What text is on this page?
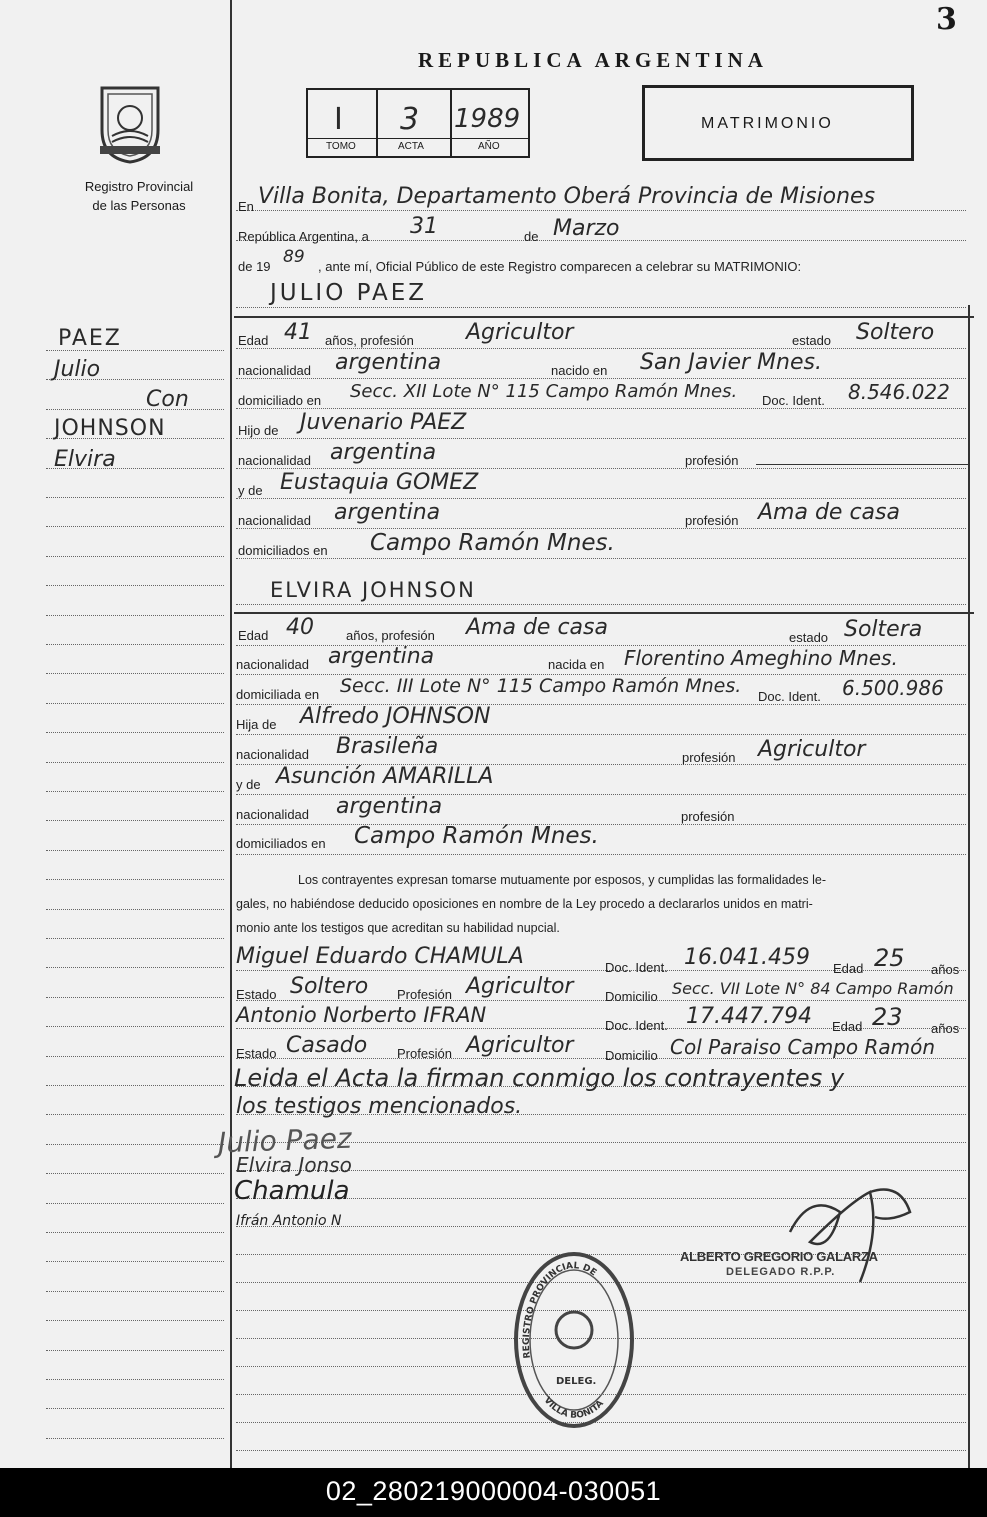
3
REPUBLICA ARGENTINA
I 3 1989
TOMO	ACTA	AÑO
MATRIMONIO
Registro Provincial
de las Personas
PAEZ
Julio
Con
JOHNSON
Elvira
En Villa Bonita, Departamento Oberá Provincia de Misiones
República Argentina, a 31	de Marzo
de 19 89 , ante mí, Oficial Público de este Registro comparecen a celebrar su MATRIMONIO:
JULIO PAEZ
Edad 41 años, profesión Agricultor	estado Soltero
nacionalidad argentina	nacido en San Javier Mnes.
domiciliado en Secc. XII Lote N° 115 Campo Ramón Mnes. Doc. Ident. 8.546.022
Hijo de Juvenario PAEZ
nacionalidad argentina	profesión
y de Eustaquia GOMEZ
nacionalidad argentina	profesión Ama de casa
domiciliados en Campo Ramón Mnes.
ELVIRA JOHNSON
Edad 40 años, profesión Ama de casa	estado Soltera
nacionalidad argentina	nacida en Florentino Ameghino Mnes.
domiciliada en Secc. III Lote N° 115 Campo Ramón Mnes. Doc. Ident. 6.500.986
Hija de Alfredo JOHNSON
nacionalidad Brasileña	profesión Agricultor
y de Asunción AMARILLA
nacionalidad argentina	profesión
domiciliados en Campo Ramón Mnes.
Los contrayentes expresan tomarse mutuamente por esposos, y cumplidas las formalidades le-
gales, no habiéndose deducido oposiciones en nombre de la Ley procedo a declararlos unidos en matri-
monio ante los testigos que acreditan su habilidad nupcial.
Miguel Eduardo CHAMULA	Doc. Ident. 16.041.459 Edad 25 años
Estado Soltero Profesión Agricultor Domicilio Secc. VII Lote N° 84 Campo Ramón
Antonio Norberto IFRAN	Doc. Ident. 17.447.794 Edad 23 años
Estado Casado Profesión Agricultor Domicilio Col Paraiso Campo Ramón
Leida el Acta la firman conmigo los contrayentes y
los testigos mencionados.
Julio Paez
Elvira Jonso
Chamula
Ifrán Antonio N
ALBERTO GREGORIO GALARZA
DELEGADO R.P.P.
REGISTRO PROVINCIAL DE
VILLA BONITA
DELEG.
02_280219000004-030051
